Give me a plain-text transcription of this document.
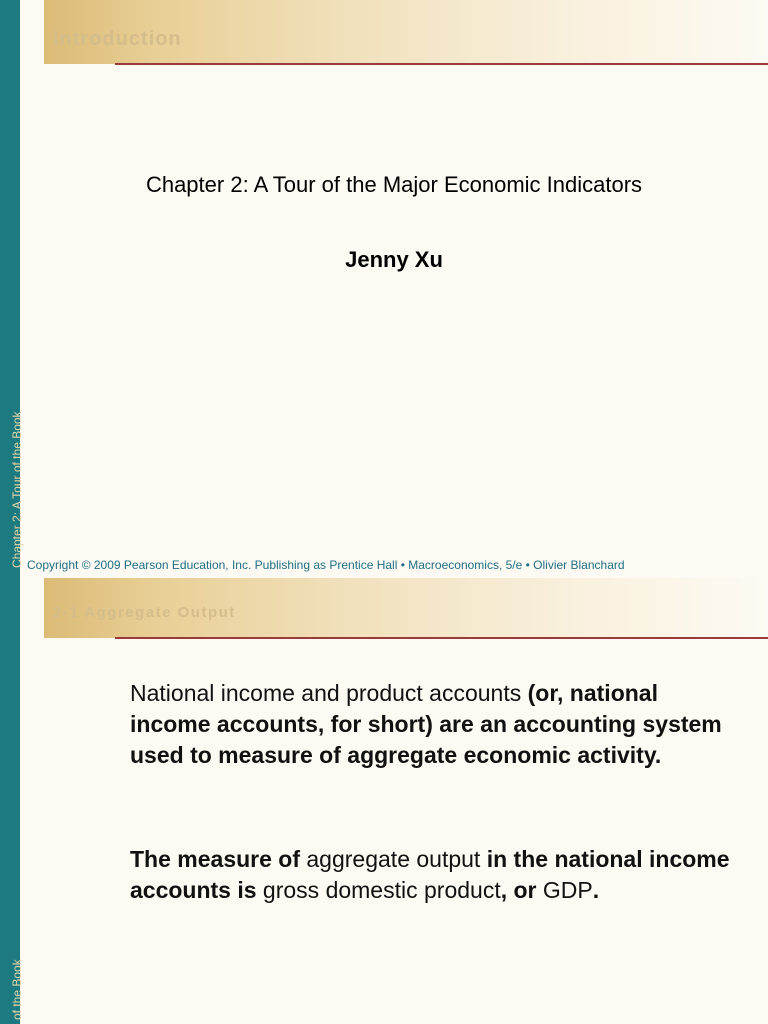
Introduction
Chapter 2: A Tour of the Book
Chapter 2: A Tour of the Major Economic Indicators
Jenny Xu
Copyright © 2009 Pearson Education, Inc. Publishing as Prentice Hall • Macroeconomics, 5/e • Olivier Blanchard
2-1 Aggregate Output
of the Book
National income and product accounts (or, national income accounts, for short) are an accounting system used to measure of aggregate economic activity.
The measure of aggregate output in the national income accounts is gross domestic product, or GDP.
